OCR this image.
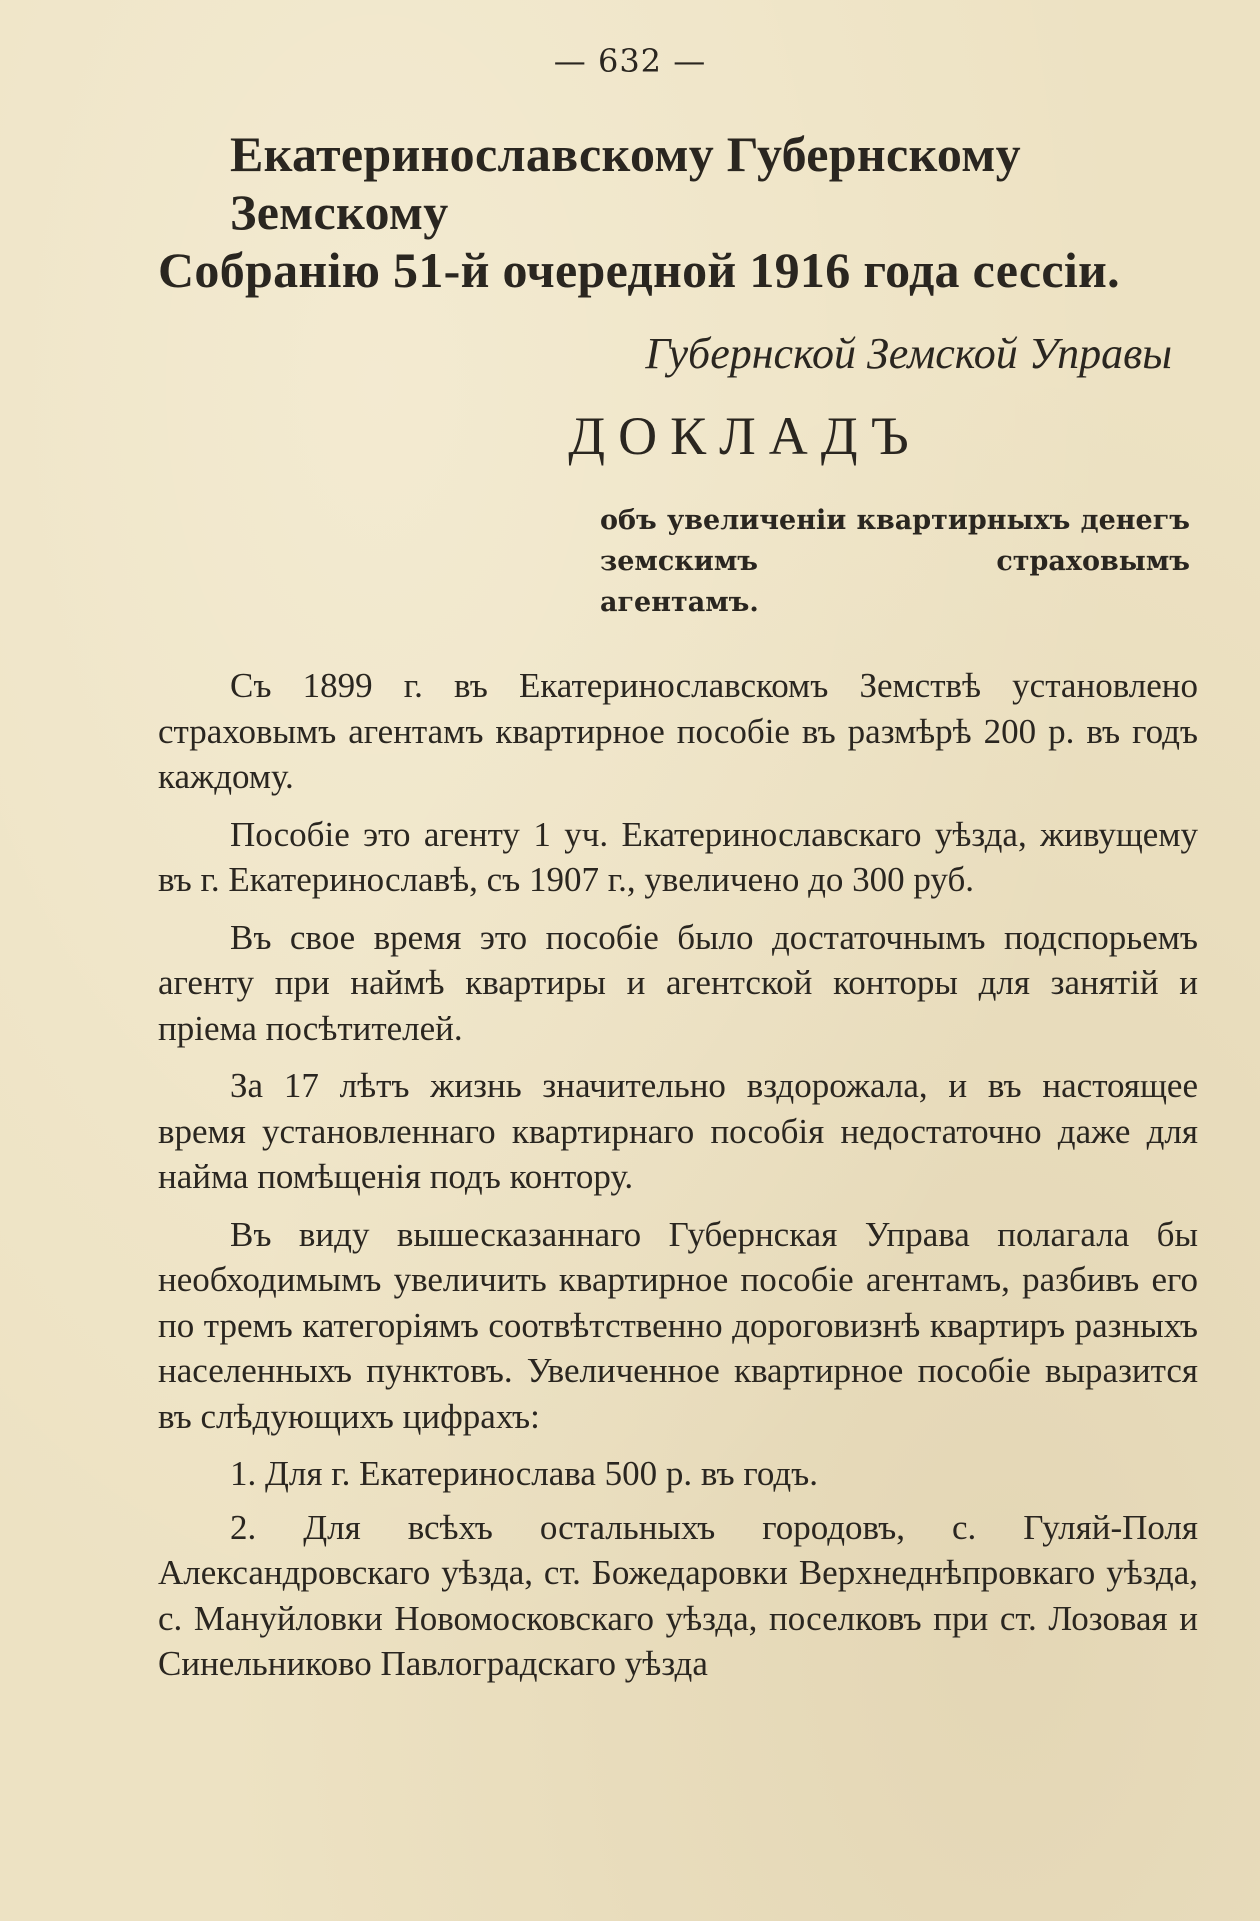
— 632 —
Екатеринославскому Губернскому Земскому
Собранію 51-й очередной 1916 года сессіи.
Губернской Земской Управы
ДОКЛАДЪ
объ увеличеніи квартирныхъ денегъ земскимъ страховымъ
агентамъ.

Съ 1899 г. въ Екатеринославскомъ Земствѣ установлено страховымъ агентамъ квартирное пособіе въ размѣрѣ 200 р. въ годъ каждому.

Пособіе это агенту 1 уч. Екатеринославскаго уѣзда, живущему въ г. Екатеринославѣ, съ 1907 г., увеличено до 300 руб.

Въ свое время это пособіе было достаточнымъ подспорьемъ агенту при наймѣ квартиры и агентской конторы для занятій и пріема посѣтителей.

За 17 лѣтъ жизнь значительно вздорожала, и въ настоящее время установленнаго квартирнаго пособія недостаточно даже для найма помѣщенія подъ контору.

Въ виду вышесказаннаго Губернская Управа полагала бы необходимымъ увеличить квартирное пособіе агентамъ, разбивъ его по тремъ категоріямъ соотвѣтственно дороговизнѣ квартиръ разныхъ населенныхъ пунктовъ. Увеличенное квартирное пособіе выразится въ слѣдующихъ цифрахъ:

1. Для г. Екатеринослава 500 р. въ годъ.

2. Для всѣхъ остальныхъ городовъ, с. Гуляй-Поля Александровскаго уѣзда, ст. Божедаровки Верхнеднѣпровкаго уѣзда, с. Мануйловки Новомосковскаго уѣзда, поселковъ при ст. Лозовая и Синельниково Павлоградскаго уѣзда
